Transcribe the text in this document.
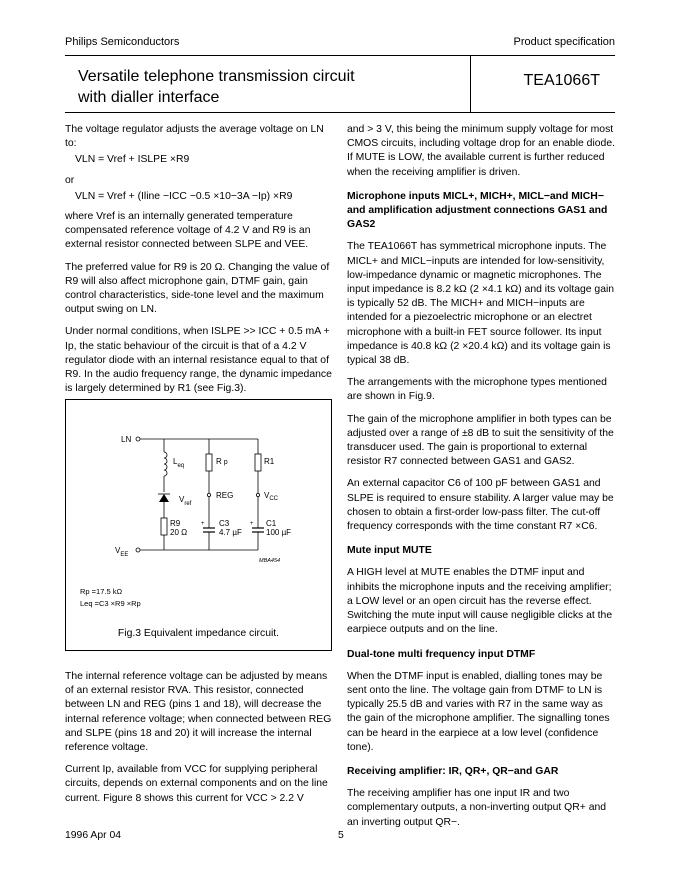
Philips Semiconductors	Product specification
Versatile telephone transmission circuit
with dialler interface
TEA1066T

The voltage regulator adjusts the average voltage on LN to:

VLN = Vref + ISLPE ×R9

or

VLN = Vref + (Iline −ICC −0.5 ×10−3A −Ip) ×R9

where Vref is an internally generated temperature compensated reference voltage of 4.2 V and R9 is an external resistor connected between SLPE and VEE.

The preferred value for R9 is 20 Ω. Changing the value of R9 will also affect microphone gain, DTMF gain, gain control characteristics, side-tone level and the maximum output swing on LN.

Under normal conditions, when ISLPE >> ICC + 0.5 mA + Ip, the static behaviour of the circuit is that of a 4.2 V regulator diode with an internal resistance equal to that of R9. In the audio frequency range, the dynamic impedance is largely determined by R1 (see Fig.3).

LN
$V_{EE}$
$L_{eq}$
$V_{ref}$
R9
20 Ω
R p
REG
+ C3
4.7 µF
R1
$V_{CC}$
+ C1
100 µF
MBA454
Rp =17.5 kΩ
Leq =C3 ×R9 ×Rp
Fig.3 Equivalent impedance circuit.

The internal reference voltage can be adjusted by means of an external resistor RVA. This resistor, connected between LN and REG (pins 1 and 18), will decrease the internal reference voltage; when connected between REG and SLPE (pins 18 and 20) it will increase the internal reference voltage.

Current Ip, available from VCC for supplying peripheral circuits, depends on external components and on the line current. Figure 8 shows this current for VCC > 2.2 V

and > 3 V, this being the minimum supply voltage for most CMOS circuits, including voltage drop for an enable diode. If MUTE is LOW, the available current is further reduced when the receiving amplifier is driven.

Microphone inputs MICL+, MICH+, MICL−and MICH− and amplification adjustment connections GAS1 and GAS2

The TEA1066T has symmetrical microphone inputs. The MICL+ and MICL−inputs are intended for low-sensitivity, low-impedance dynamic or magnetic microphones. The input impedance is 8.2 kΩ (2 ×4.1 kΩ) and its voltage gain is typically 52 dB. The MICH+ and MICH−inputs are intended for a piezoelectric microphone or an electret microphone with a built-in FET source follower. Its input impedance is 40.8 kΩ (2 ×20.4 kΩ) and its voltage gain is typical 38 dB.

The arrangements with the microphone types mentioned are shown in Fig.9.

The gain of the microphone amplifier in both types can be adjusted over a range of ±8 dB to suit the sensitivity of the transducer used. The gain is proportional to external resistor R7 connected between GAS1 and GAS2.

An external capacitor C6 of 100 pF between GAS1 and SLPE is required to ensure stability. A larger value may be chosen to obtain a first-order low-pass filter. The cut-off frequency corresponds with the time constant R7 ×C6.

Mute input MUTE

A HIGH level at MUTE enables the DTMF input and inhibits the microphone inputs and the receiving amplifier; a LOW level or an open circuit has the reverse effect. Switching the mute input will cause negligible clicks at the earpiece outputs and on the line.

Dual-tone multi frequency input DTMF

When the DTMF input is enabled, dialling tones may be sent onto the line. The voltage gain from DTMF to LN is typically 25.5 dB and varies with R7 in the same way as the gain of the microphone amplifier. The signalling tones can be heard in the earpiece at a low level (confidence tone).

Receiving amplifier: IR, QR+, QR−and GAR

The receiving amplifier has one input IR and two complementary outputs, a non-inverting output QR+ and an inverting output QR−.

1996 Apr 04	5
